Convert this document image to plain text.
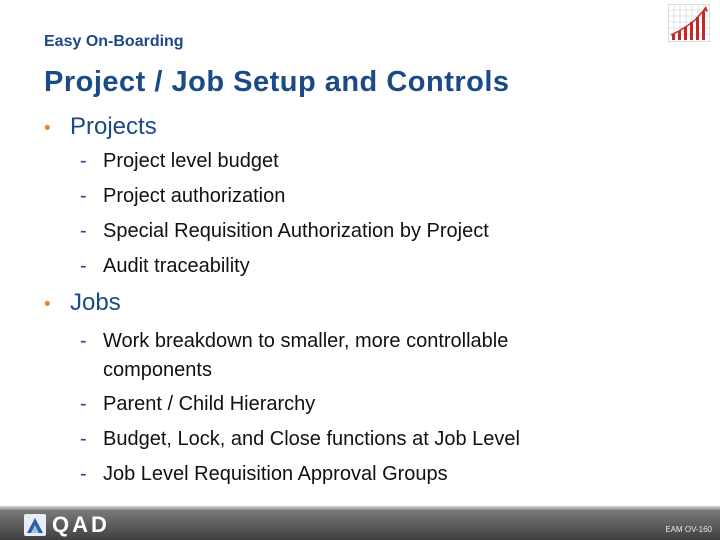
Easy On-Boarding
Project / Job Setup and Controls
• Projects
- Project level budget
- Project authorization
- Special Requisition Authorization by Project
- Audit traceability
• Jobs
- Work breakdown to smaller, more controllable components
- Parent / Child Hierarchy
- Budget, Lock, and Close functions at Job Level
- Job Level Requisition Approval Groups
QAD	EAM OV-160
